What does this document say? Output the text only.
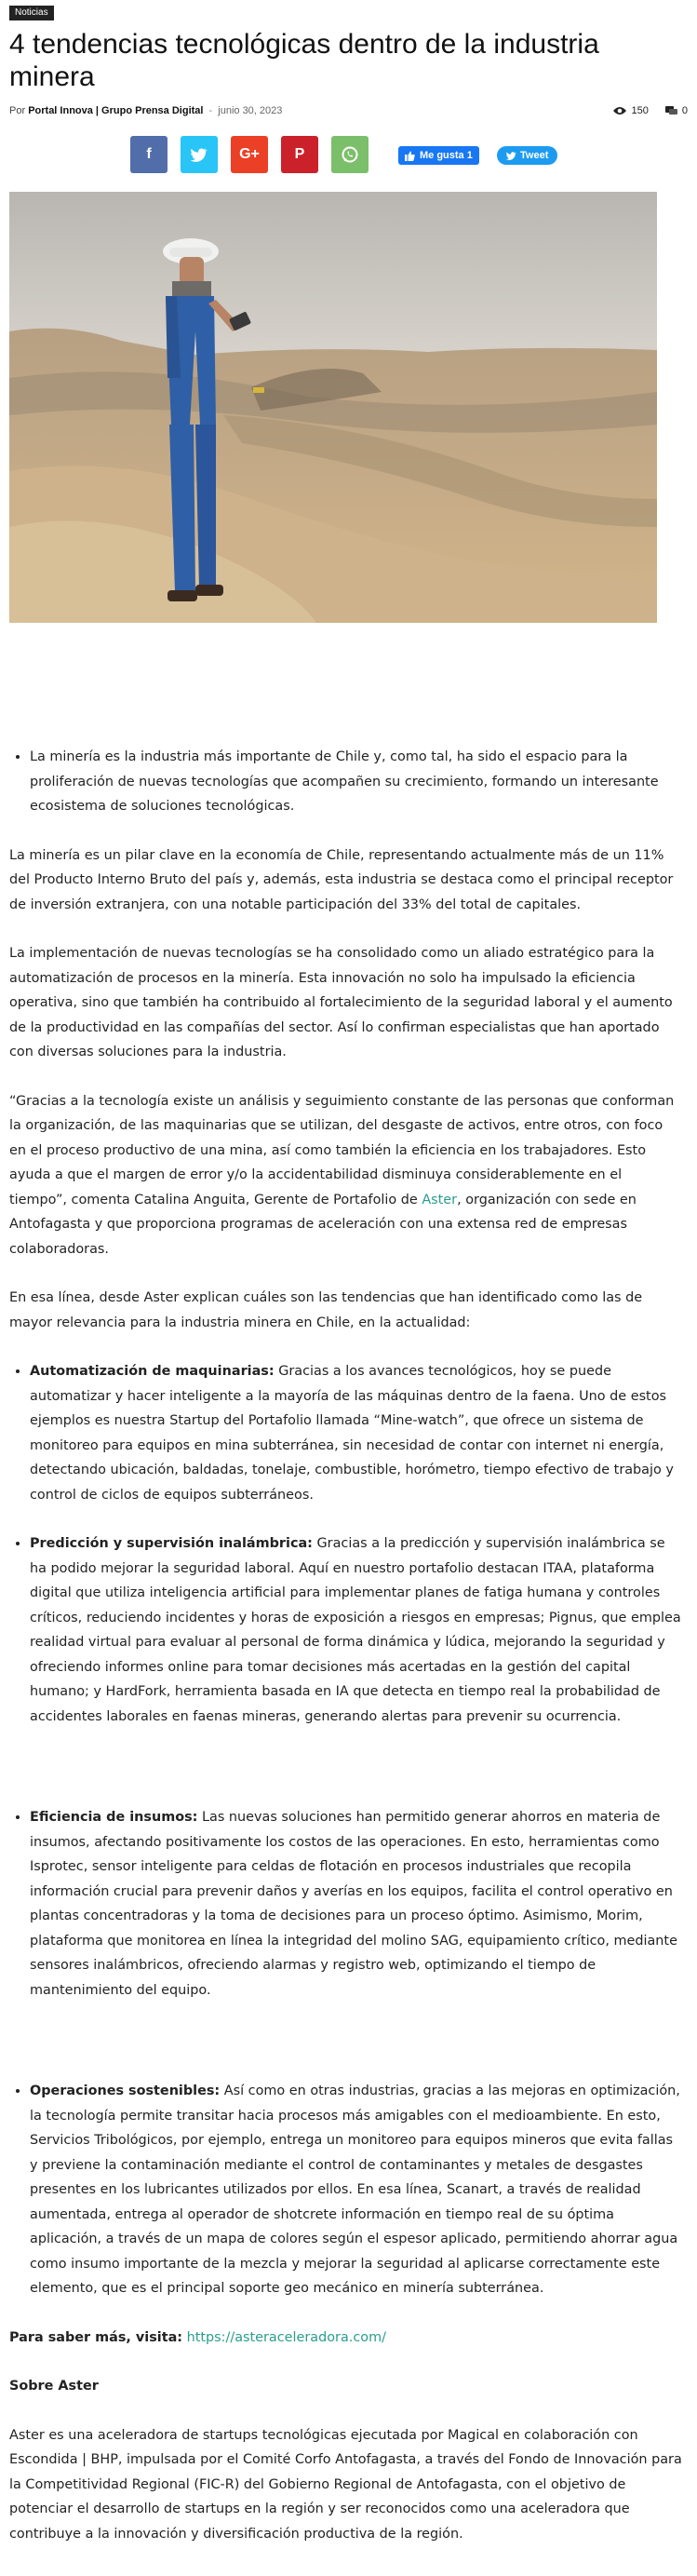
Noticias
4 tendencias tecnológicas dentro de la industria minera
Por Portal Innova | Grupo Prensa Digital - junio 30, 2023	150	0
f	G+ P	Me gusta 1	Tweet
• La minería es la industria más importante de Chile y, como tal, ha sido el espacio para la proliferación de nuevas tecnologías que acompañen su crecimiento, formando un interesante ecosistema de soluciones tecnológicas.

La minería es un pilar clave en la economía de Chile, representando actualmente más de un 11% del Producto Interno Bruto del país y, además, esta industria se destaca como el principal receptor de inversión extranjera, con una notable participación del 33% del total de capitales.

La implementación de nuevas tecnologías se ha consolidado como un aliado estratégico para la automatización de procesos en la minería. Esta innovación no solo ha impulsado la eficiencia operativa, sino que también ha contribuido al fortalecimiento de la seguridad laboral y el aumento de la productividad en las compañías del sector. Así lo confirman especialistas que han aportado con diversas soluciones para la industria.

“Gracias a la tecnología existe un análisis y seguimiento constante de las personas que conforman la organización, de las maquinarias que se utilizan, del desgaste de activos, entre otros, con foco en el proceso productivo de una mina, así como también la eficiencia en los trabajadores. Esto ayuda a que el margen de error y/o la accidentabilidad disminuya considerablemente en el tiempo”, comenta Catalina Anguita, Gerente de Portafolio de Aster, organización con sede en Antofagasta y que proporciona programas de aceleración con una extensa red de empresas colaboradoras.

En esa línea, desde Aster explican cuáles son las tendencias que han identificado como las de mayor relevancia para la industria minera en Chile, en la actualidad:

• Automatización de maquinarias: Gracias a los avances tecnológicos, hoy se puede automatizar y hacer inteligente a la mayoría de las máquinas dentro de la faena. Uno de estos ejemplos es nuestra Startup del Portafolio llamada “Mine-watch”, que ofrece un sistema de monitoreo para equipos en mina subterránea, sin necesidad de contar con internet ni energía, detectando ubicación, baldadas, tonelaje, combustible, horómetro, tiempo efectivo de trabajo y control de ciclos de equipos subterráneos.
• Predicción y supervisión inalámbrica: Gracias a la predicción y supervisión inalámbrica se ha podido mejorar la seguridad laboral. Aquí en nuestro portafolio destacan ITAA, plataforma digital que utiliza inteligencia artificial para implementar planes de fatiga humana y controles críticos, reduciendo incidentes y horas de exposición a riesgos en empresas; Pignus, que emplea realidad virtual para evaluar al personal de forma dinámica y lúdica, mejorando la seguridad y ofreciendo informes online para tomar decisiones más acertadas en la gestión del capital humano; y HardFork, herramienta basada en IA que detecta en tiempo real la probabilidad de accidentes laborales en faenas mineras, generando alertas para prevenir su ocurrencia.
• Eficiencia de insumos: Las nuevas soluciones han permitido generar ahorros en materia de insumos, afectando positivamente los costos de las operaciones. En esto, herramientas como Isprotec, sensor inteligente para celdas de flotación en procesos industriales que recopila información crucial para prevenir daños y averías en los equipos, facilita el control operativo en plantas concentradoras y la toma de decisiones para un proceso óptimo. Asimismo, Morim, plataforma que monitorea en línea la integridad del molino SAG, equipamiento crítico, mediante sensores inalámbricos, ofreciendo alarmas y registro web, optimizando el tiempo de mantenimiento del equipo.
• Operaciones sostenibles: Así como en otras industrias, gracias a las mejoras en optimización, la tecnología permite transitar hacia procesos más amigables con el medioambiente. En esto, Servicios Tribológicos, por ejemplo, entrega un monitoreo para equipos mineros que evita fallas y previene la contaminación mediante el control de contaminantes y metales de desgastes presentes en los lubricantes utilizados por ellos. En esa línea, Scanart, a través de realidad aumentada, entrega al operador de shotcrete información en tiempo real de su óptima aplicación, a través de un mapa de colores según el espesor aplicado, permitiendo ahorrar agua como insumo importante de la mezcla y mejorar la seguridad al aplicarse correctamente este elemento, que es el principal soporte geo mecánico en minería subterránea.

Para saber más, visita: https://asteraceleradora.com/

Sobre Aster

Aster es una aceleradora de startups tecnológicas ejecutada por Magical en colaboración con Escondida | BHP, impulsada por el Comité Corfo Antofagasta, a través del Fondo de Innovación para la Competitividad Regional (FIC-R) del Gobierno Regional de Antofagasta, con el objetivo de potenciar el desarrollo de startups en la región y ser reconocidos como una aceleradora que contribuye a la innovación y diversificación productiva de la región.
